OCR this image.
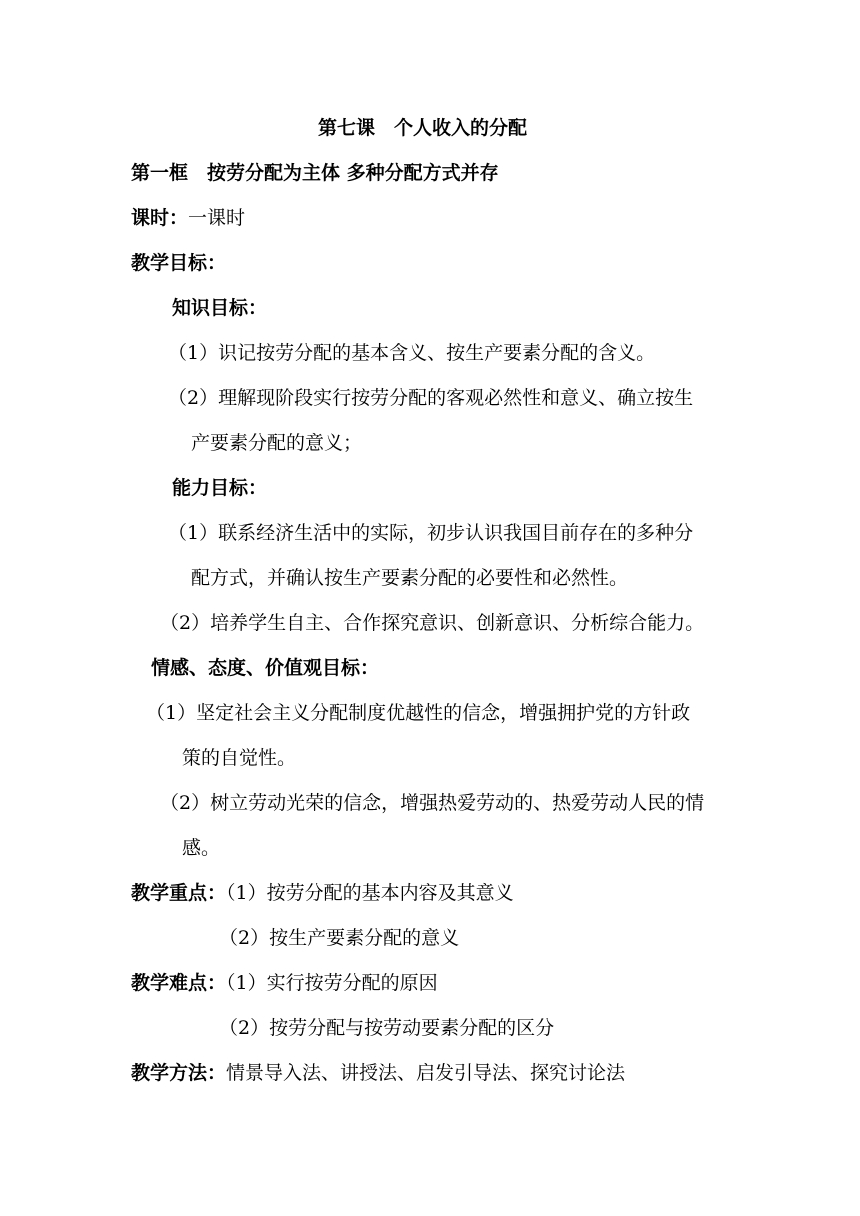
第七课　个人收入的分配
第一框　按劳分配为主体 多种分配方式并存
课时：一课时
教学目标：
知识目标：
（1）识记按劳分配的基本含义、按生产要素分配的含义。
（2）理解现阶段实行按劳分配的客观必然性和意义、确立按生
产要素分配的意义；
能力目标：
（1）联系经济生活中的实际，初步认识我国目前存在的多种分
配方式，并确认按生产要素分配的必要性和必然性。
（2）培养学生自主、合作探究意识、创新意识、分析综合能力。
情感、态度、价值观目标：
（1）坚定社会主义分配制度优越性的信念，增强拥护党的方针政
策的自觉性。
（2）树立劳动光荣的信念，增强热爱劳动的、热爱劳动人民的情
感。
教学重点：（1）按劳分配的基本内容及其意义
（2）按生产要素分配的意义
教学难点：（1）实行按劳分配的原因
（2）按劳分配与按劳动要素分配的区分
教学方法：情景导入法、讲授法、启发引导法、探究讨论法
